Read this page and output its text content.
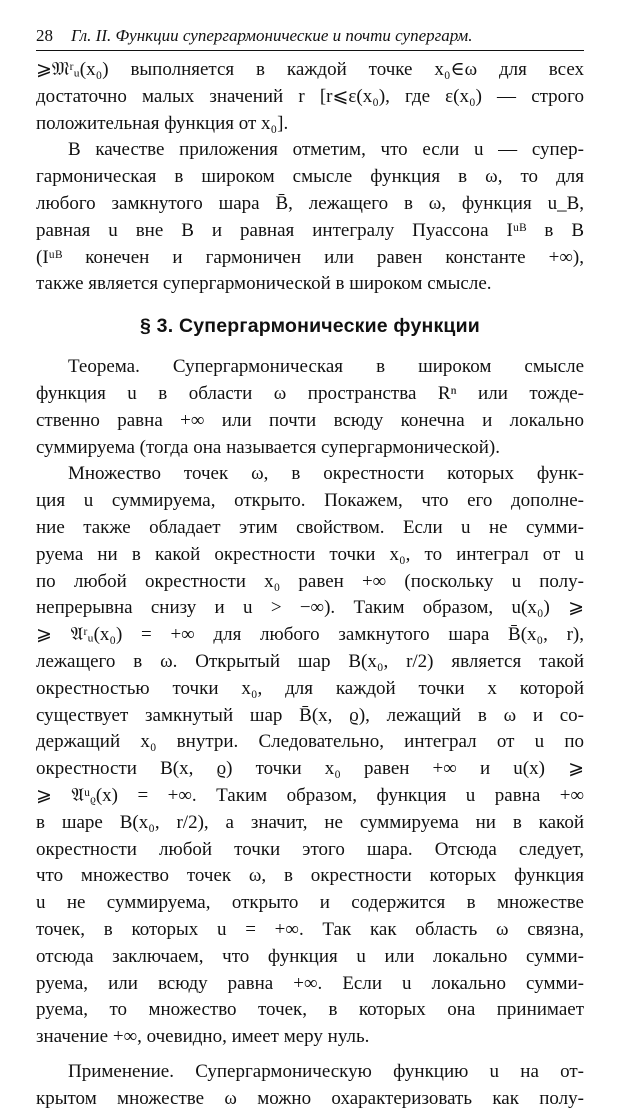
28 Гл. II. Функции супергармонические и почти супергарм.
⩾𝔐ʳᵤ(x₀) выполняется в каждой точке x₀∈ω для всех
достаточно малых значений r [r⩽ε(x₀), где ε(x₀) — строго
положительная функция от x₀].
В качестве приложения отметим, что если u — супер-
гармоническая в широком смысле функция в ω, то для
любого замкнутого шара B̄, лежащего в ω, функция u_B,
равная u вне B и равная интегралу Пуассона Iᵘᴮ в B
(Iᵘᴮ конечен и гармоничен или равен константе +∞),
также является супергармонической в широком смысле.
§ 3. Супергармонические функции
Теорема. Супергармоническая в широком смысле
функция u в области ω пространства Rⁿ или тожде-
ственно равна +∞ или почти всюду конечна и локально
суммируема (тогда она называется супергармонической).
Множество точек ω, в окрестности которых функ-
ция u суммируема, открыто. Покажем, что его дополне-
ние также обладает этим свойством. Если u не сумми-
руема ни в какой окрестности точки x₀, то интеграл от u
по любой окрестности x₀ равен +∞ (поскольку u полу-
непрерывна снизу и u > −∞). Таким образом, u(x₀) ⩾
⩾ 𝔄ʳᵤ(x₀) = +∞ для любого замкнутого шара B̄(x₀, r),
лежащего в ω. Открытый шар B(x₀, r/2) является такой
окрестностью точки x₀, для каждой точки x которой
существует замкнутый шар B̄(x, ϱ), лежащий в ω и со-
держащий x₀ внутри. Следовательно, интеграл от u по
окрестности B(x, ϱ) точки x₀ равен +∞ и u(x) ⩾
⩾ 𝔄ᵘᵨ(x) = +∞. Таким образом, функция u равна +∞
в шаре B(x₀, r/2), а значит, не суммируема ни в какой
окрестности любой точки этого шара. Отсюда следует,
что множество точек ω, в окрестности которых функция
u не суммируема, открыто и содержится в множестве
точек, в которых u = +∞. Так как область ω связна,
отсюда заключаем, что функция u или локально сумми-
руема, или всюду равна +∞. Если u локально сумми-
руема, то множество точек, в которых она принимает
значение +∞, очевидно, имеет меру нуль.
Применение. Супергармоническую функцию u на от-
крытом множестве ω можно охарактеризовать как полу-
